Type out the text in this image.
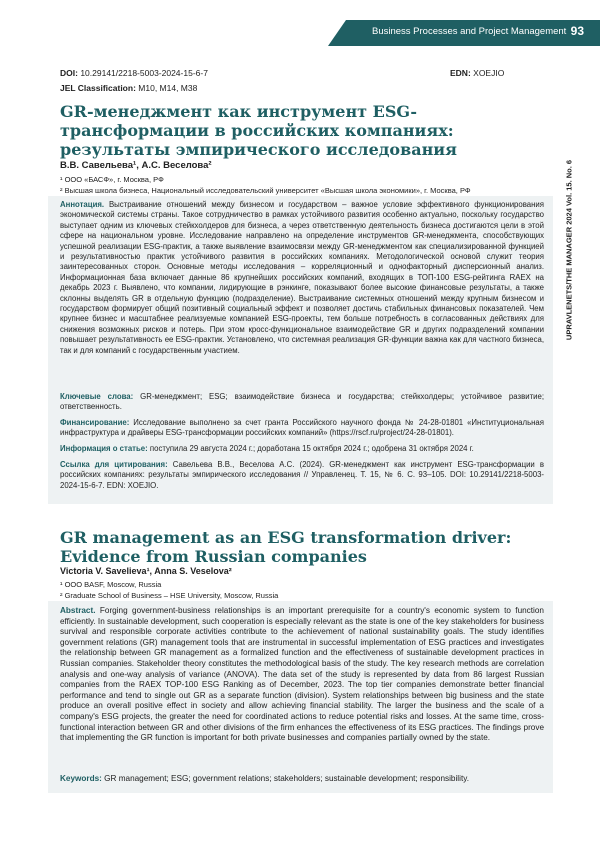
Business Processes and Project Management 93
UPRAVLENETS/THE MANAGER 2024 Vol. 15. No. 6
DOI: 10.29141/2218-5003-2024-15-6-7	EDN: XOEJIO
JEL Classification: M10, M14, M38
GR-менеджмент как инструмент ESG-трансформации в российских компаниях: результаты эмпирического исследования
В.В. Савельева¹, А.С. Веселова²
¹ ООО «БАСФ», г. Москва, РФ
² Высшая школа бизнеса, Национальный исследовательский университет «Высшая школа экономики», г. Москва, РФ
Аннотация. Выстраивание отношений между бизнесом и государством – важное условие эффективного функционирования экономической системы страны. Такое сотрудничество в рамках устойчивого развития особенно актуально, поскольку государство выступает одним из ключевых стейкхолдеров для бизнеса, а через ответственную деятельность бизнеса достигаются цели в этой сфере на национальном уровне. Исследование направлено на определение инструментов GR-менеджмента, способствующих успешной реализации ESG-практик, а также выявление взаимосвязи между GR-менеджментом как специализированной функцией и результативностью практик устойчивого развития в российских компаниях. Методологической основой служит теория заинтересованных сторон. Основные методы исследования – корреляционный и однофакторный дисперсионный анализ. Информационная база включает данные 86 крупнейших российских компаний, входящих в ТОП-100 ESG-рейтинга RAEX на декабрь 2023 г. Выявлено, что компании, лидирующие в рэнкинге, показывают более высокие финансовые результаты, а также склонны выделять GR в отдельную функцию (подразделение). Выстраивание системных отношений между крупным бизнесом и государством формирует общий позитивный социальный эффект и позволяет достичь стабильных финансовых показателей. Чем крупнее бизнес и масштабнее реализуемые компанией ESG-проекты, тем больше потребность в согласованных действиях для снижения возможных рисков и потерь. При этом кросс-функциональное взаимодействие GR и других подразделений компании повышает результативность ее ESG-практик. Установлено, что системная реализация GR-функции важна как для частного бизнеса, так и для компаний с государственным участием.
Ключевые слова: GR-менеджмент; ESG; взаимодействие бизнеса и государства; стейкхолдеры; устойчивое развитие; ответственность.
Финансирование: Исследование выполнено за счет гранта Российского научного фонда № 24-28-01801 «Институциональная инфраструктура и драйверы ESG-трансформации российских компаний» (https://rscf.ru/project/24-28-01801).
Информация о статье: поступила 29 августа 2024 г.; доработана 15 октября 2024 г.; одобрена 31 октября 2024 г.
Ссылка для цитирования: Савельева В.В., Веселова А.С. (2024). GR-менеджмент как инструмент ESG-трансформации в российских компаниях: результаты эмпирического исследования // Управленец. Т. 15, № 6. С. 93–105. DOI: 10.29141/2218-5003-2024-15-6-7. EDN: XOEJIO.
GR management as an ESG transformation driver: Evidence from Russian companies
Victoria V. Savelieva¹, Anna S. Veselova²
¹ OOO BASF, Moscow, Russia
² Graduate School of Business – HSE University, Moscow, Russia
Abstract. Forging government-business relationships is an important prerequisite for a country's economic system to function efficiently. In sustainable development, such cooperation is especially relevant as the state is one of the key stakeholders for business survival and responsible corporate activities contribute to the achievement of national sustainability goals. The study identifies government relations (GR) management tools that are instrumental in successful implementation of ESG practices and investigates the relationship between GR management as a formalized function and the effectiveness of sustainable development practices in Russian companies. Stakeholder theory constitutes the methodological basis of the study. The key research methods are correlation analysis and one-way analysis of variance (ANOVA). The data set of the study is represented by data from 86 largest Russian companies from the RAEX TOP-100 ESG Ranking as of December, 2023. The top tier companies demonstrate better financial performance and tend to single out GR as a separate function (division). System relationships between big business and the state produce an overall positive effect in society and allow achieving financial stability. The larger the business and the scale of a company's ESG projects, the greater the need for coordinated actions to reduce potential risks and losses. At the same time, cross-functional interaction between GR and other divisions of the firm enhances the effectiveness of its ESG practices. The findings prove that implementing the GR function is important for both private businesses and companies partially owned by the state.
Keywords: GR management; ESG; government relations; stakeholders; sustainable development; responsibility.
